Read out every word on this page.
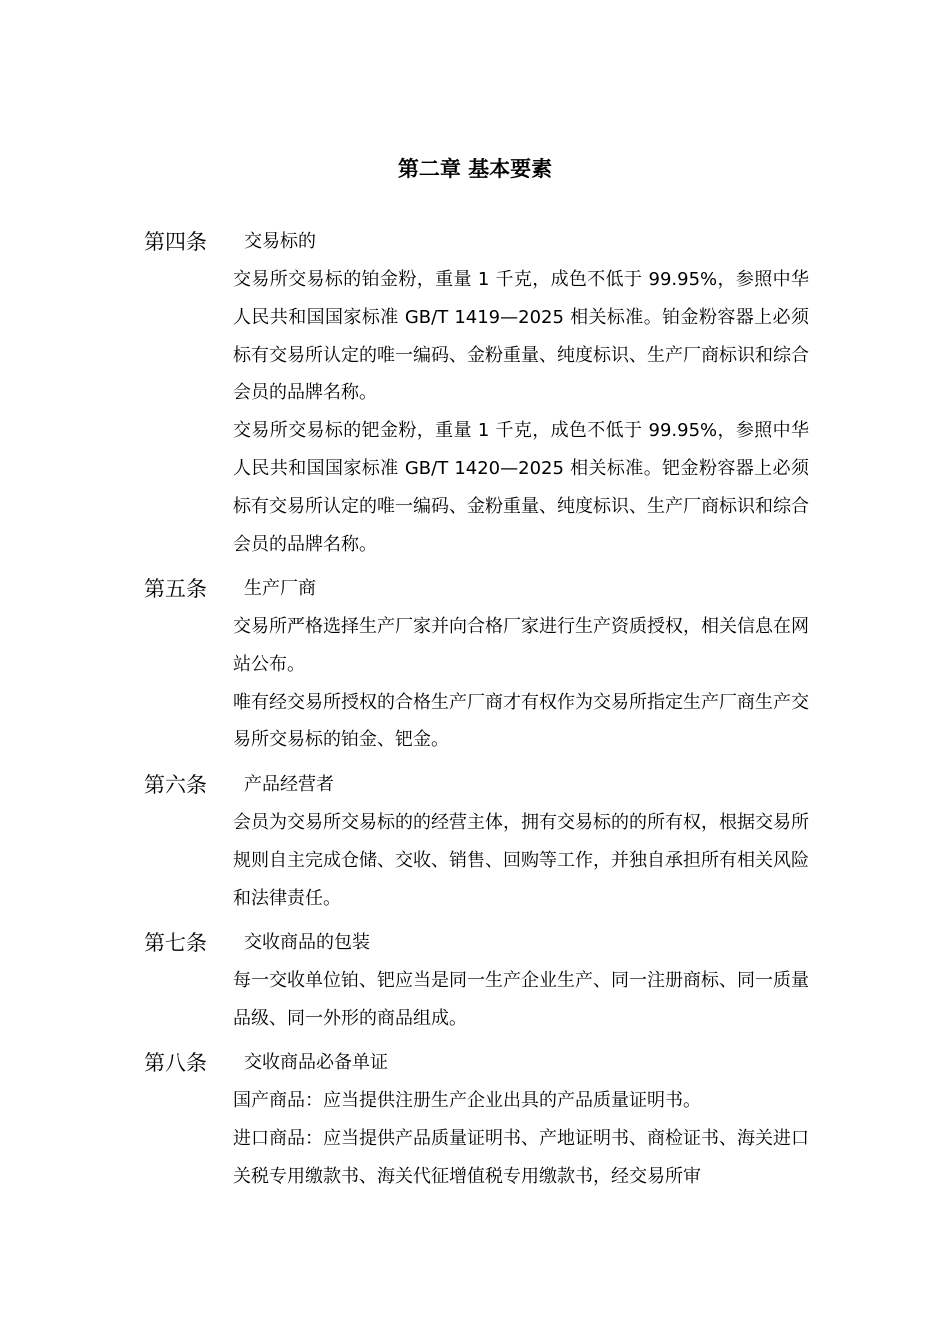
第二章 基本要素
第四条 交易标的

交易所交易标的铂金粉，重量 1 千克，成色不低于 99.95%，参照中华人民共和国国家标准 GB/T 1419—2025 相关标准。铂金粉容器上必须标有交易所认定的唯一编码、金粉重量、纯度标识、生产厂商标识和综合会员的品牌名称。

交易所交易标的钯金粉，重量 1 千克，成色不低于 99.95%，参照中华人民共和国国家标准 GB/T 1420—2025 相关标准。钯金粉容器上必须标有交易所认定的唯一编码、金粉重量、纯度标识、生产厂商标识和综合会员的品牌名称。

第五条 生产厂商

交易所严格选择生产厂家并向合格厂家进行生产资质授权，相关信息在网站公布。

唯有经交易所授权的合格生产厂商才有权作为交易所指定生产厂商生产交易所交易标的铂金、钯金。

第六条 产品经营者

会员为交易所交易标的的经营主体，拥有交易标的的所有权，根据交易所规则自主完成仓储、交收、销售、回购等工作，并独自承担所有相关风险和法律责任。

第七条 交收商品的包装

每一交收单位铂、钯应当是同一生产企业生产、同一注册商标、同一质量品级、同一外形的商品组成。

第八条 交收商品必备单证

国产商品：应当提供注册生产企业出具的产品质量证明书。

进口商品：应当提供产品质量证明书、产地证明书、商检证书、海关进口关税专用缴款书、海关代征增值税专用缴款书，经交易所审
